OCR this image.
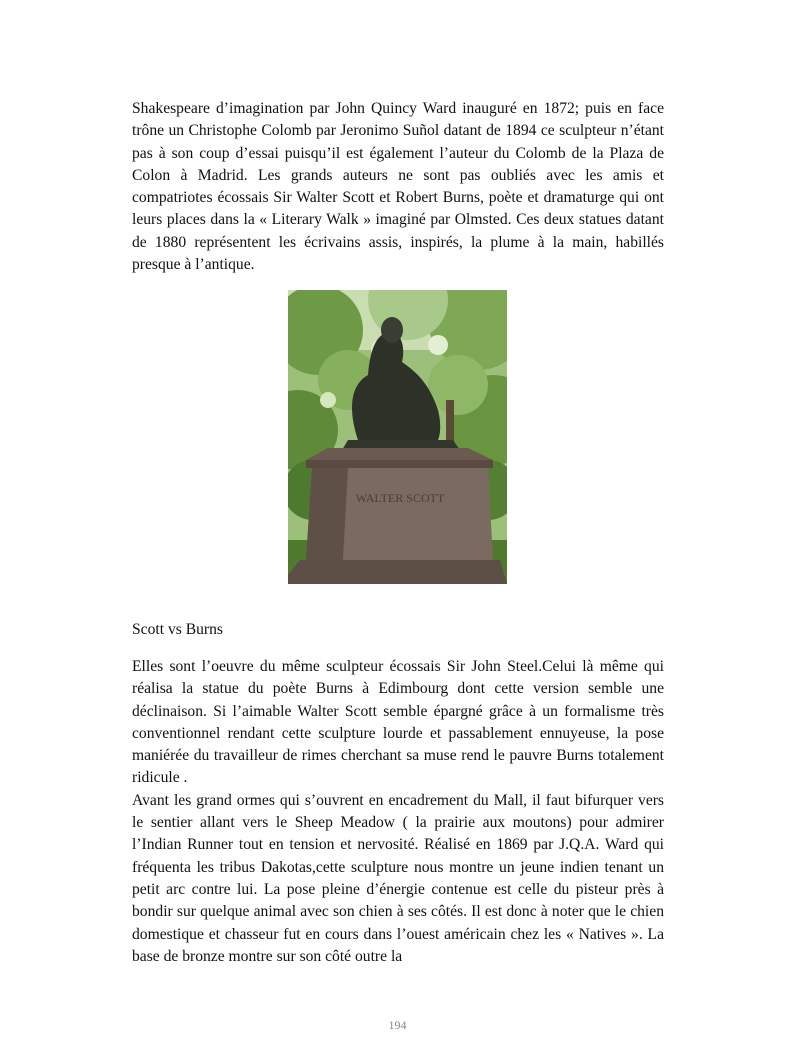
Shakespeare d’imagination par John Quincy Ward inauguré en 1872; puis en face trône un Christophe Colomb par Jeronimo Suñol datant de 1894 ce sculpteur n’étant pas à son coup d’essai puisqu’il est également l’auteur du Colomb de la Plaza de Colon à Madrid. Les grands auteurs ne sont pas oubliés avec les amis et compatriotes écossais Sir Walter Scott et Robert Burns, poète et dramaturge qui ont leurs places dans la « Literary Walk » imaginé par Olmsted. Ces deux statues datant de 1880 représentent les écrivains assis, inspirés, la plume à la main, habillés presque à l’antique.

WALTER SCOTT

Scott vs Burns

Elles sont l’oeuvre du même sculpteur écossais Sir John Steel.Celui là même qui réalisa la statue du poète Burns à Edimbourg dont cette version semble une déclinaison. Si l’aimable Walter Scott semble épargné grâce à un formalisme très conventionnel rendant cette sculpture lourde et passablement ennuyeuse, la pose maniérée du travailleur de rimes cherchant sa muse rend le pauvre Burns totalement ridicule .
Avant les grand ormes qui s’ouvrent en encadrement du Mall, il faut bifurquer vers le sentier allant vers le Sheep Meadow ( la prairie aux moutons) pour admirer l’Indian Runner tout en tension et nervosité. Réalisé en 1869 par J.Q.A. Ward qui fréquenta les tribus Dakotas,cette sculpture nous montre un jeune indien tenant un petit arc contre lui. La pose pleine d’énergie contenue est celle du pisteur près à bondir sur quelque animal avec son chien à ses côtés. Il est donc à noter que le chien domestique et chasseur fut en cours dans l’ouest américain chez les « Natives ». La base de bronze montre sur son côté outre la
194
